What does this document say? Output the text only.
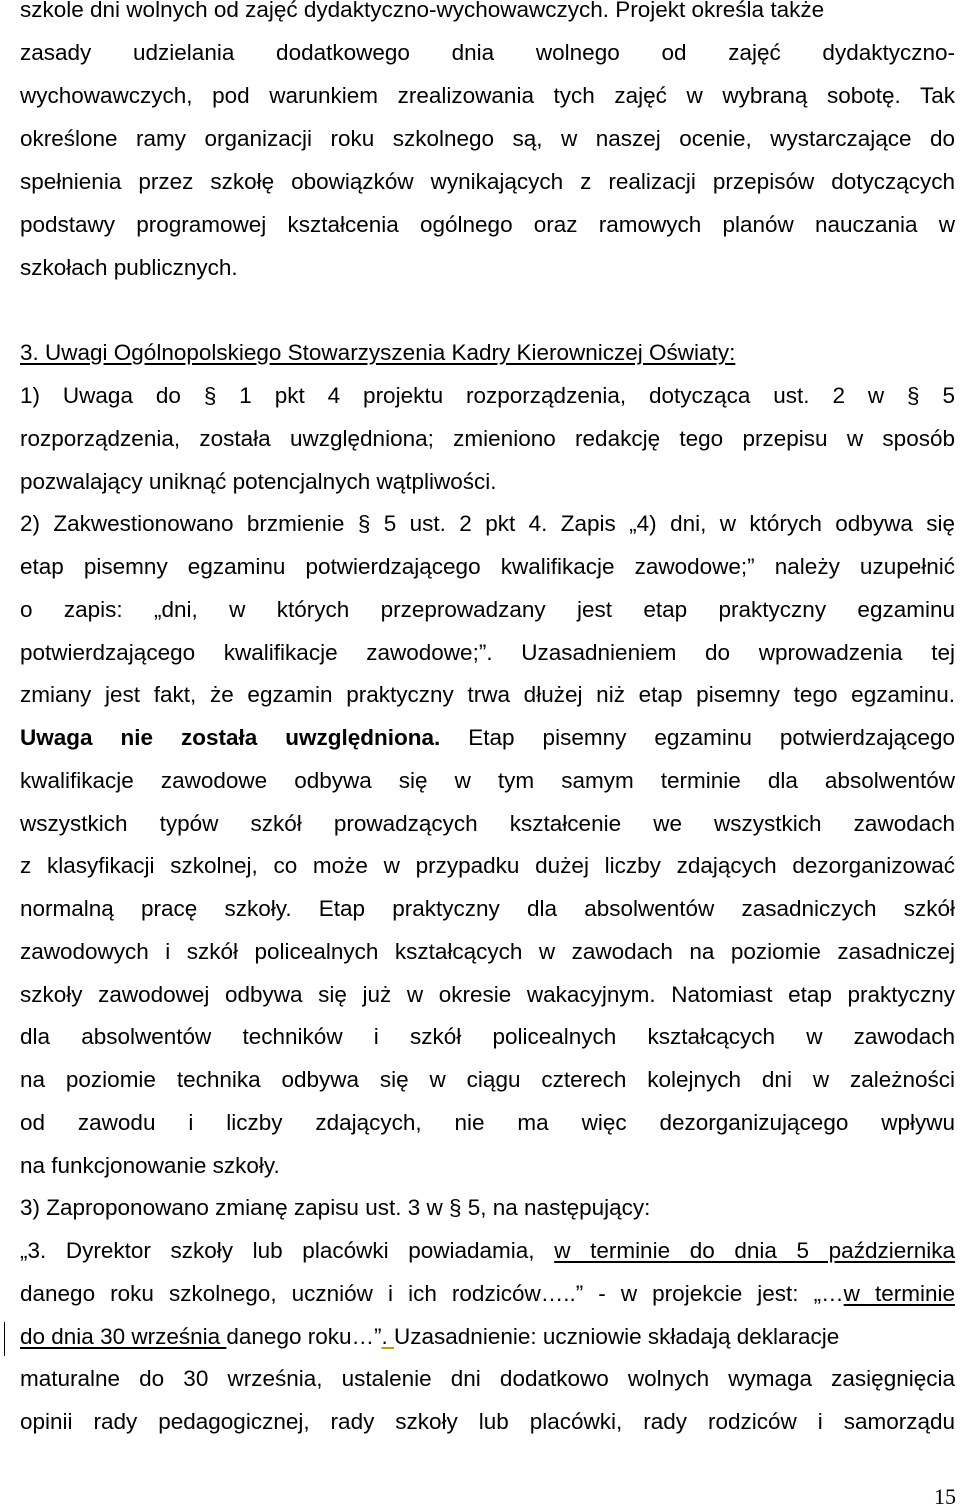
szkole dni wolnych od zajęć dydaktyczno-wychowawczych. Projekt określa także
zasady udzielania dodatkowego dnia wolnego od zajęć dydaktyczno-
wychowawczych, pod warunkiem zrealizowania tych zajęć w wybraną sobotę. Tak
określone ramy organizacji roku szkolnego są, w naszej ocenie, wystarczające do
spełnienia przez szkołę obowiązków wynikających z realizacji przepisów dotyczących
podstawy programowej kształcenia ogólnego oraz ramowych planów nauczania w
szkołach publicznych.
3. Uwagi Ogólnopolskiego Stowarzyszenia Kadry Kierowniczej Oświaty:
1) Uwaga do § 1 pkt 4 projektu rozporządzenia, dotycząca ust. 2 w § 5
rozporządzenia, została uwzględniona; zmieniono redakcję tego przepisu w sposób
pozwalający uniknąć potencjalnych wątpliwości.
2) Zakwestionowano brzmienie § 5 ust. 2 pkt 4. Zapis „4) dni, w których odbywa się
etap pisemny egzaminu potwierdzającego kwalifikacje zawodowe;” należy uzupełnić
o zapis: „dni, w których przeprowadzany jest etap praktyczny egzaminu
potwierdzającego kwalifikacje zawodowe;”. Uzasadnieniem do wprowadzenia tej
zmiany jest fakt, że egzamin praktyczny trwa dłużej niż etap pisemny tego egzaminu.
Uwaga nie została uwzględniona. Etap pisemny egzaminu potwierdzającego
kwalifikacje zawodowe odbywa się w tym samym terminie dla absolwentów
wszystkich typów szkół prowadzących kształcenie we wszystkich zawodach
z klasyfikacji szkolnej, co może w przypadku dużej liczby zdających dezorganizować
normalną pracę szkoły. Etap praktyczny dla absolwentów zasadniczych szkół
zawodowych i szkół policealnych kształcących w zawodach na poziomie zasadniczej
szkoły zawodowej odbywa się już w okresie wakacyjnym. Natomiast etap praktyczny
dla absolwentów techników i szkół policealnych kształcących w zawodach
na poziomie technika odbywa się w ciągu czterech kolejnych dni w zależności
od zawodu i liczby zdających, nie ma więc dezorganizującego wpływu
na funkcjonowanie szkoły.
3) Zaproponowano zmianę zapisu ust. 3 w § 5, na następujący:
„3. Dyrektor szkoły lub placówki powiadamia, w terminie do dnia 5 października
danego roku szkolnego, uczniów i ich rodziców…..” - w projekcie jest: „…w terminie
do dnia 30 września danego roku…”. Uzasadnienie: uczniowie składają deklaracje
maturalne do 30 września, ustalenie dni dodatkowo wolnych wymaga zasięgnięcia
opinii rady pedagogicznej, rady szkoły lub placówki, rady rodziców i samorządu
15
